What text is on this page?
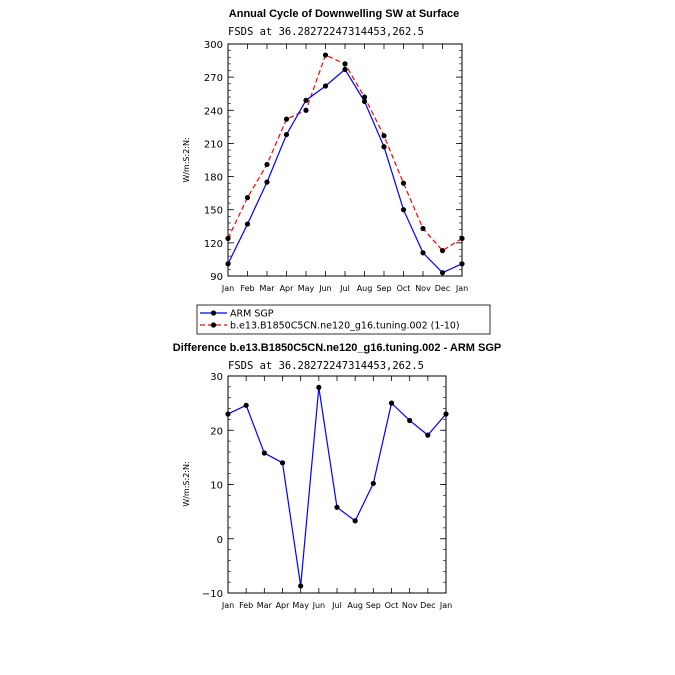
Annual Cycle of Downwelling SW at Surface
FSDS at 36.28272247314453,262.5
W/m:S:2:N:
Jan Feb Mar Apr May Jun Jul Aug Sep Oct Nov Dec Jan
90
120
150
180
210
240
270
300
ARM SGP
b.e13.B1850C5CN.ne120_g16.tuning.002 (1-10)
Difference b.e13.B1850C5CN.ne120_g16.tuning.002 - ARM SGP
FSDS at 36.28272247314453,262.5
W/m:S:2:N:
Jan Feb Mar Apr May Jun Jul Aug Sep Oct Nov Dec Jan
−10
0
10
20
30
